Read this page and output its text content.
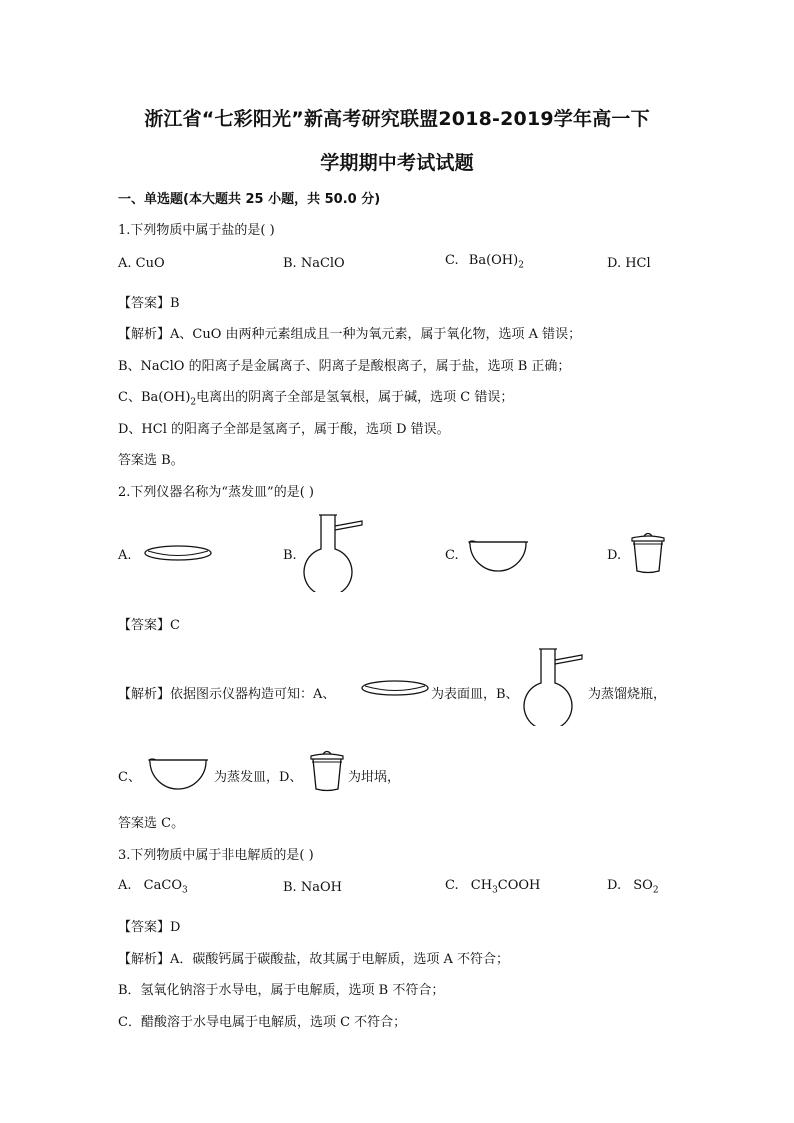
浙江省“七彩阳光”新高考研究联盟2018-2019学年高一下
学期期中考试试题
一、单选题(本大题共 25 小题，共 50.0 分)
1.下列物质中属于盐的是( )
A. CuO	B. NaClO	C. $Ba(OH)_2$	D. HCl
【答案】B
【解析】A、CuO 由两种元素组成且一种为氧元素，属于氧化物，选项 A 错误；
B、NaClO 的阳离子是金属离子、阴离子是酸根离子，属于盐，选项 B 正确；
C、$Ba(OH)_2$电离出的阴离子全部是氢氧根，属于碱，选项 C 错误；
D、HCl 的阳离子全部是氢离子，属于酸，选项 D 错误。
答案选 B。
2.下列仪器名称为“蒸发皿”的是( )
A.	B.	C.	D.
【答案】C
【解析】依据图示仪器构造可知：A、	为表面皿，B、	为蒸馏烧瓶，
C、	为蒸发皿，D、	为坩埚，
答案选 C。
3.下列物质中属于非电解质的是( )
A. CaCO$_3$	B. NaOH	C. $CH_3COOH$	D. $SO_2$
【答案】D
【解析】A．碳酸钙属于碳酸盐，故其属于电解质，选项 A 不符合；
B．氢氧化钠溶于水导电，属于电解质，选项 B 不符合；
C．醋酸溶于水导电属于电解质，选项 C 不符合；
